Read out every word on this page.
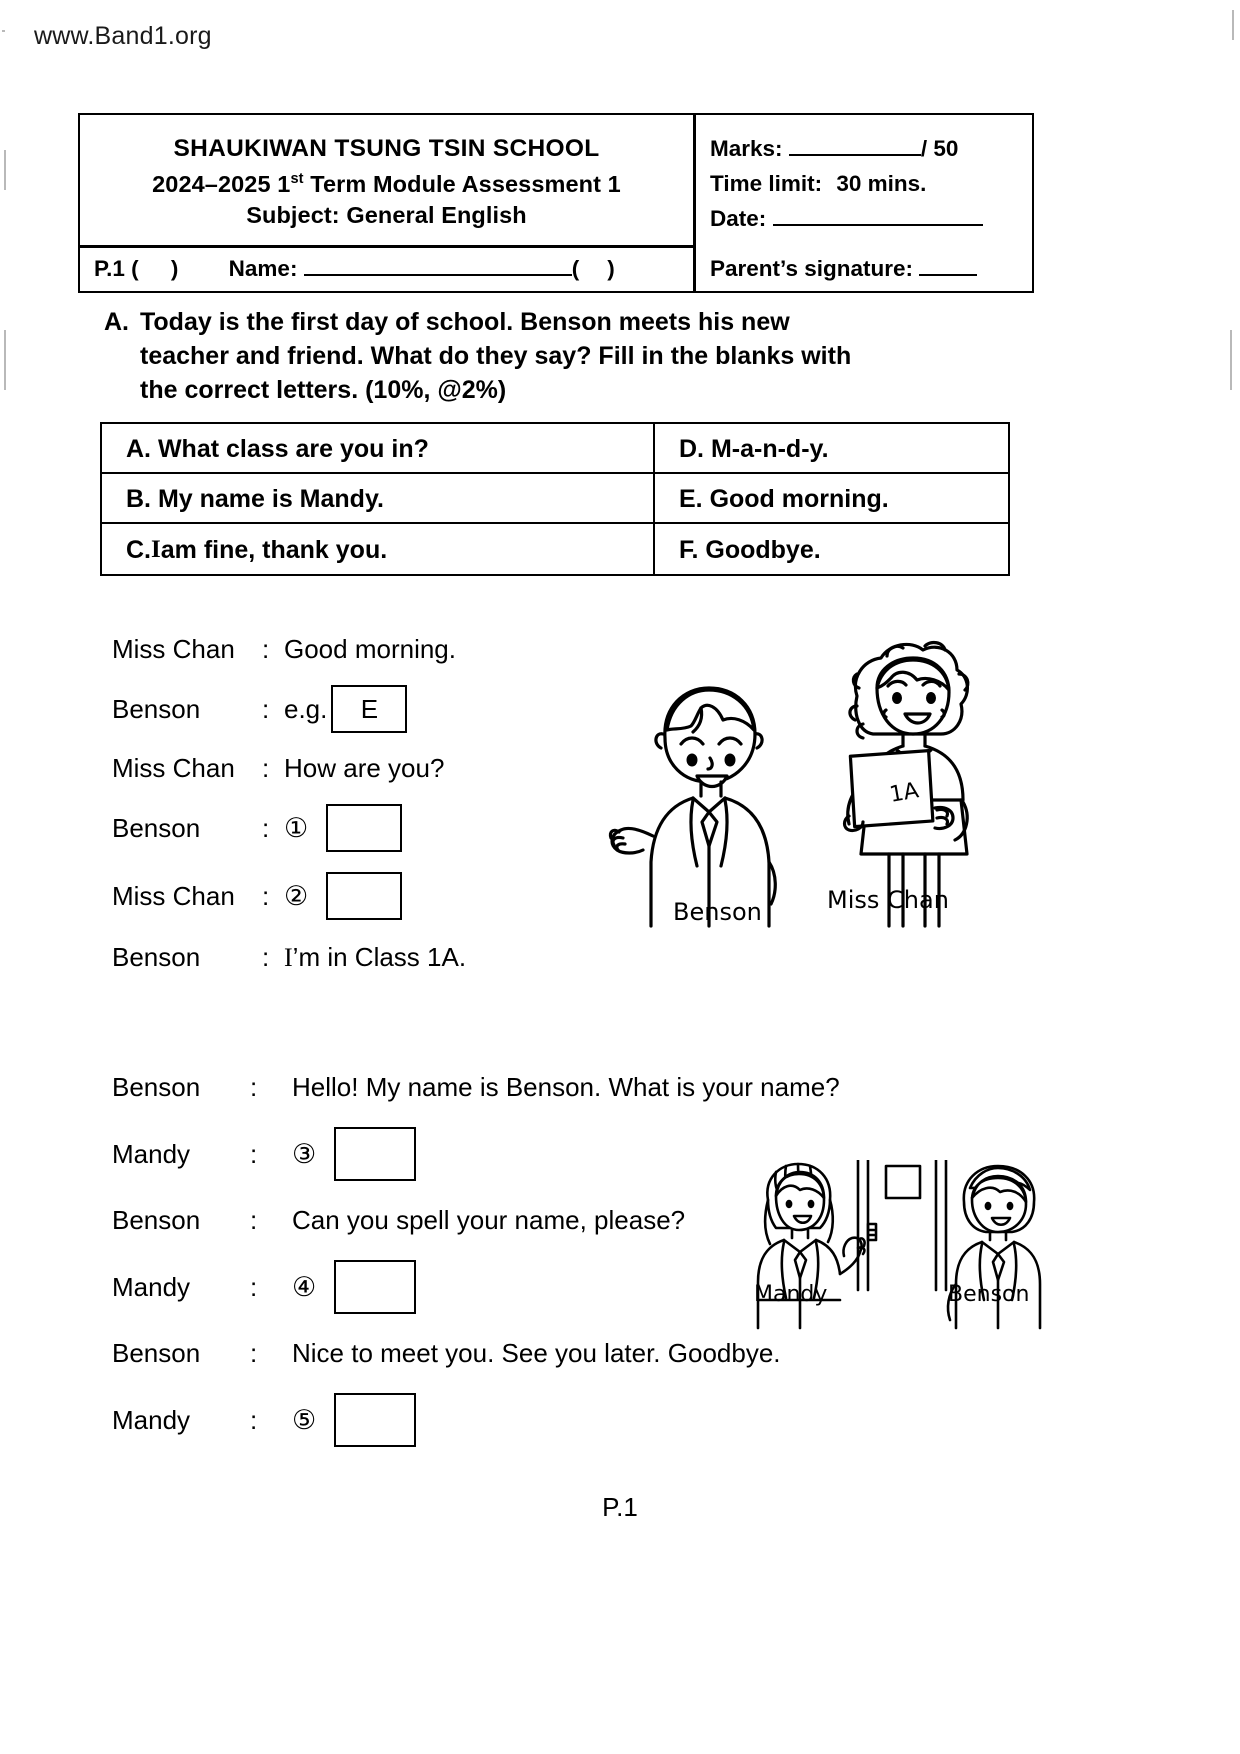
www.Band1.org
SHAUKIWAN TSUNG TSIN SCHOOL
2024–2025 1st Term Module Assessment 1
Subject: General English
Marks:	/ 50
Time limit: 30 mins.
Date:
P.1 ( ) Name:	( )	Parent’s signature:
A. Today is the first day of school. Benson meets his new
teacher and friend. What do they say? Fill in the blanks with
the correct letters. (10%, @2%)
A. What class are you in?	D. M-a-n-d-y.
B. My name is Mandy.	E. Good morning.
C. I am fine, thank you.	F. Goodbye.
Miss Chan	: Good morning.
Benson	: e.g.	E
Miss Chan	: How are you?
Benson	: ①
Miss Chan	: ②
Benson	: I’m in Class 1A.
1A
Benson	Miss Chan
Benson	:	Hello! My name is Benson. What is your name?
Mandy	:	③
Benson	:	Can you spell your name, please?
Mandy	:	④
Benson	:	Nice to meet you. See you later. Goodbye.
Mandy	:	⑤
Mandy	Benson
P.1
